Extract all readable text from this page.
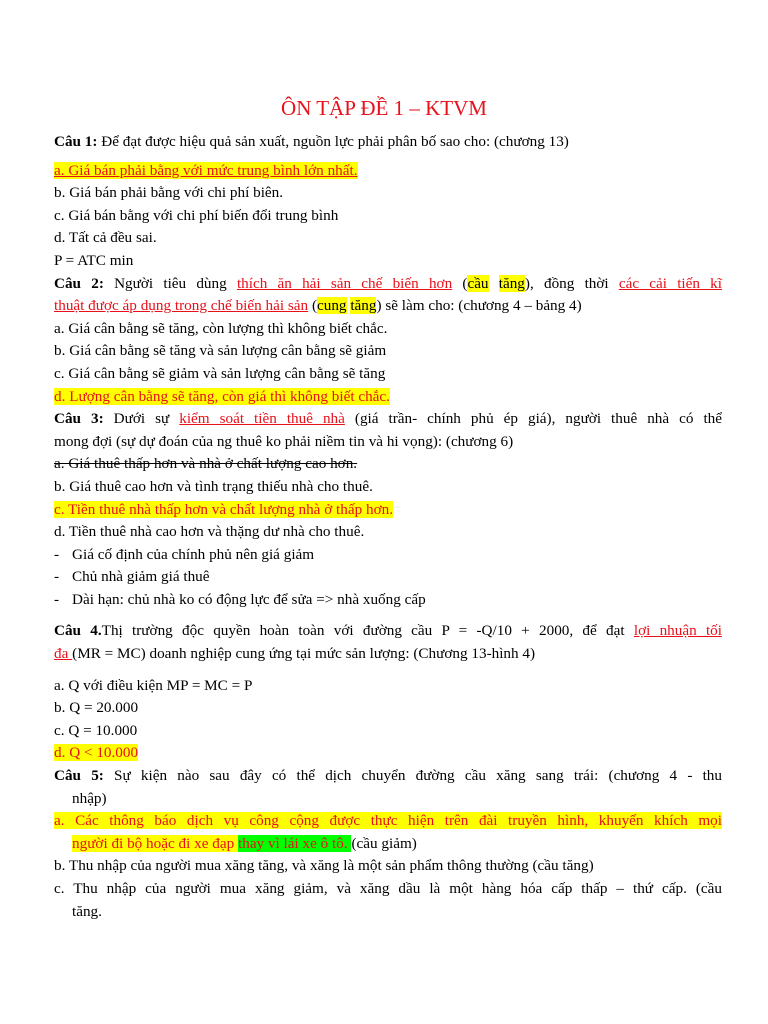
ÔN TẬP ĐỀ 1 – KTVM
Câu 1: Để đạt được hiệu quả sản xuất, nguồn lực phải phân bố sao cho: (chương 13)
a. Giá bán phải bằng với mức trung bình lớn nhất.
b. Giá bán phải bằng với chi phí biên.
c. Giá bán bằng với chi phí biến đổi trung bình
d. Tất cả đều sai.
P = ATC min
Câu 2: Người tiêu dùng thích ăn hải sản chế biến hơn (cầu tăng), đồng thời các cải tiến kĩ
thuật được áp dụng trong chế biến hải sản (cung tăng) sẽ làm cho: (chương 4 – bảng 4)
a. Giá cân bằng sẽ tăng, còn lượng thì không biết chắc.
b. Giá cân bằng sẽ tăng và sản lượng cân bằng sẽ giảm
c. Giá cân bằng sẽ giảm và sản lượng cân bằng sẽ tăng
d. Lượng cân bằng sẽ tăng, còn giá thì không biết chắc.
Câu 3: Dưới sự kiểm soát tiền thuê nhà (giá trần- chính phủ ép giá), người thuê nhà có thể
mong đợi (sự dự đoán của ng thuê ko phải niềm tin và hi vọng): (chương 6)
a. Giá thuê thấp hơn và nhà ở chất lượng cao hơn.
b. Giá thuê cao hơn và tình trạng thiếu nhà cho thuê.
c. Tiền thuê nhà thấp hơn và chất lượng nhà ở thấp hơn.
d. Tiền thuê nhà cao hơn và thặng dư nhà cho thuê.
- Giá cố định của chính phủ nên giá giảm
- Chủ nhà giảm giá thuê
- Dài hạn: chủ nhà ko có động lực để sửa => nhà xuống cấp
Câu 4.Thị trường độc quyền hoàn toàn với đường cầu P = -Q/10 + 2000, để đạt lợi nhuận tối
đa (MR = MC) doanh nghiệp cung ứng tại mức sản lượng: (Chương 13-hình 4)
a. Q với điều kiện MP = MC = P
b. Q = 20.000
c. Q = 10.000
d. Q < 10.000
Câu 5: Sự kiện nào sau đây có thể dịch chuyển đường cầu xăng sang trái: (chương 4 - thu
nhập)
a. Các thông báo dịch vụ công cộng được thực hiện trên đài truyền hình, khuyến khích mọi
người đi bộ hoặc đi xe đạp thay vì lái xe ô tô. (cầu giảm)
b. Thu nhập của người mua xăng tăng, và xăng là một sản phẩm thông thường (cầu tăng)
c. Thu nhập của người mua xăng giảm, và xăng dầu là một hàng hóa cấp thấp – thứ cấp. (cầu
tăng.
